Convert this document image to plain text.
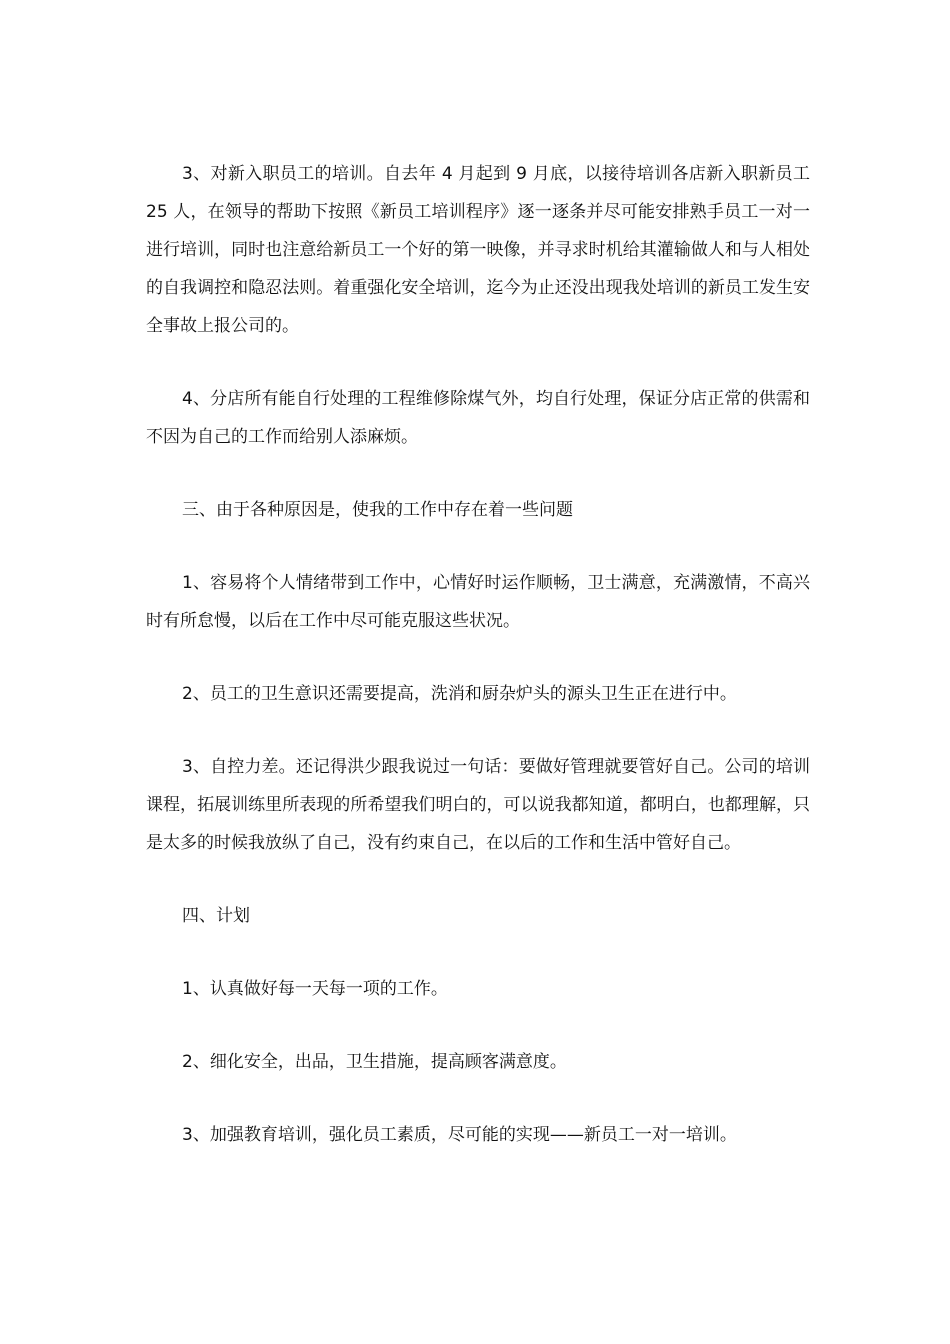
3、对新入职员工的培训。自去年 4 月起到 9 月底，以接待培训各店新入职新员工 25 人，在领导的帮助下按照《新员工培训程序》逐一逐条并尽可能安排熟手员工一对一进行培训，同时也注意给新员工一个好的第一映像，并寻求时机给其灌输做人和与人相处的自我调控和隐忍法则。着重强化安全培训，迄今为止还没出现我处培训的新员工发生安全事故上报公司的。

4、分店所有能自行处理的工程维修除煤气外，均自行处理，保证分店正常的供需和不因为自己的工作而给别人添麻烦。

三、由于各种原因是，使我的工作中存在着一些问题

1、容易将个人情绪带到工作中，心情好时运作顺畅，卫士满意，充满激情，不高兴时有所怠慢，以后在工作中尽可能克服这些状况。

2、员工的卫生意识还需要提高，洗消和厨杂炉头的源头卫生正在进行中。

3、自控力差。还记得洪少跟我说过一句话：要做好管理就要管好自己。公司的培训课程，拓展训练里所表现的所希望我们明白的，可以说我都知道，都明白，也都理解，只是太多的时候我放纵了自己，没有约束自己，在以后的工作和生活中管好自己。

四、计划

1、认真做好每一天每一项的工作。

2、细化安全，出品，卫生措施，提高顾客满意度。

3、加强教育培训，强化员工素质，尽可能的实现——新员工一对一培训。
